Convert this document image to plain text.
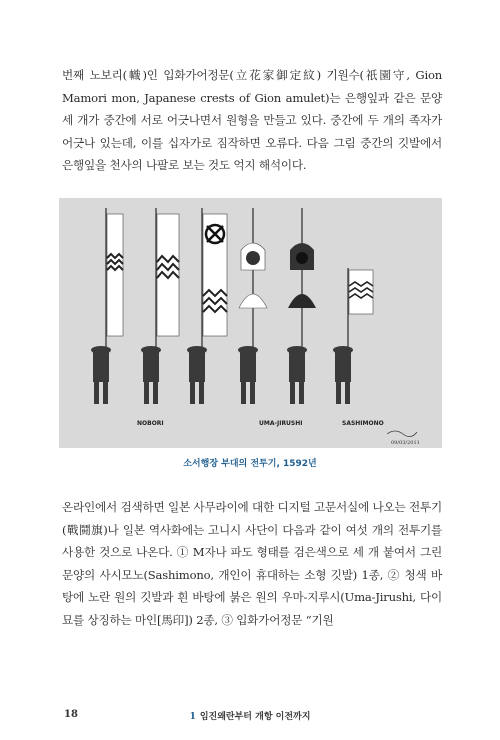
번째 노보리(幟)인 입화가어정문(立花家御定紋) 기원수(祇園守, Gion Mamori mon, Japanese crests of Gion amulet)는 은행잎과 같은 문양 세 개가 중간에 서로 어긋나면서 원형을 만들고 있다. 중간에 두 개의 족자가 어긋나 있는데, 이를 십자가로 짐작하면 오류다. 다음 그림 중간의 깃발에서 은행잎을 천사의 나팔로 보는 것도 억지 해석이다.

NOBORI	UMA-JIRUSHI	SASHIMONO
09/03/2011
소서행장 부대의 전투기, 1592년

온라인에서 검색하면 일본 사무라이에 대한 디지털 고문서실에 나오는 전투기(戰鬪旗)나 일본 역사화에는 고니시 사단이 다음과 같이 여섯 개의 전투기를 사용한 것으로 나온다. ① M자나 파도 형태를 검은색으로 세 개 붙여서 그린 문양의 사시모노(Sashimono, 개인이 휴대하는 소형 깃발) 1종, ② 청색 바탕에 노란 원의 깃발과 흰 바탕에 붉은 원의 우마-지루시(Uma-Jirushi, 다이묘를 상징하는 마인[馬印]) 2종, ③ 입화가어정문 “기원

18	1 임진왜란부터 개항 이전까지
